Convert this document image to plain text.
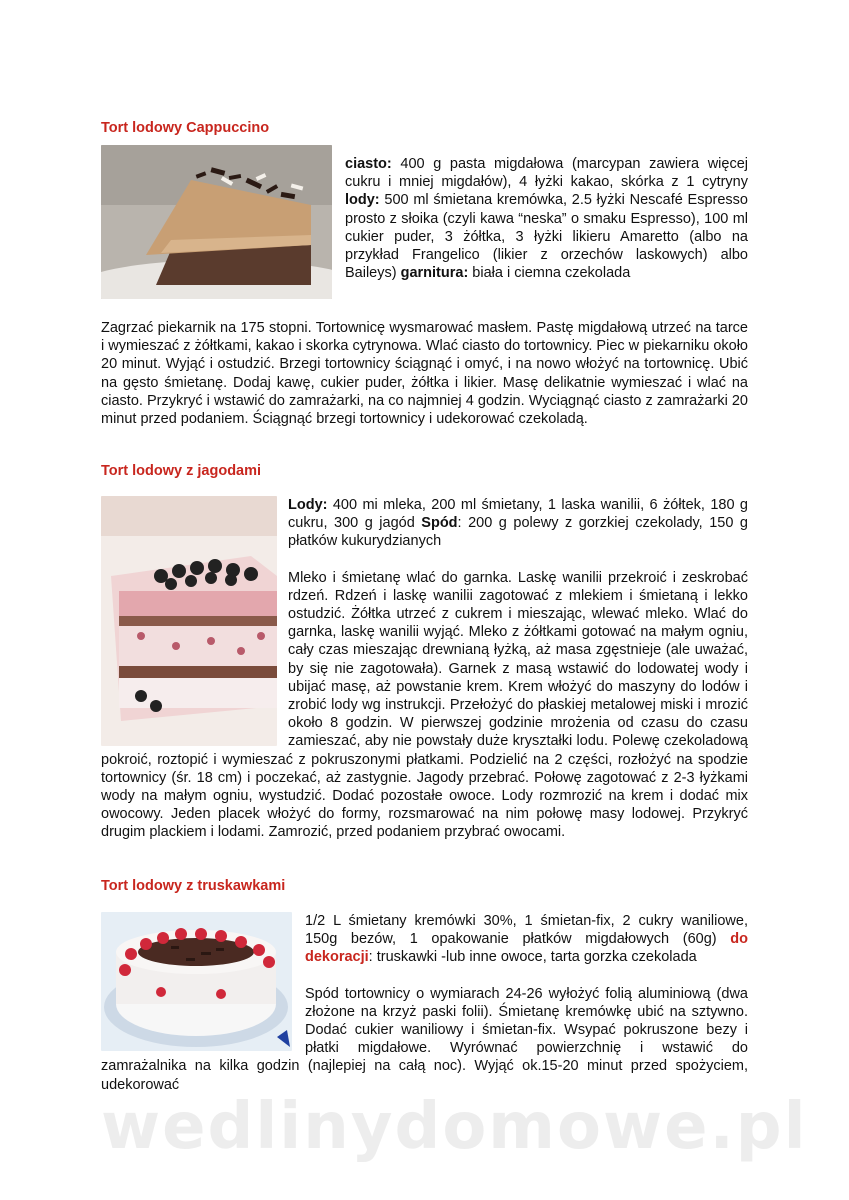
Tort lodowy Cappuccino

ciasto: 400 g pasta migdałowa (marcypan zawiera więcej cukru i mniej migdałów), 4 łyżki kakao, skórka z 1 cytryny lody: 500 ml śmietana kremówka, 2.5 łyżki Nescafé Espresso prosto z słoika (czyli kawa “neska” o smaku Espresso), 100 ml cukier puder, 3 żółtka, 3 łyżki likieru Amaretto (albo na przykład Frangelico (likier z orzechów laskowych) albo Baileys) garnitura: biała i ciemna czekolada

Zagrzać piekarnik na 175 stopni. Tortownicę wysmarować masłem. Pastę migdałową utrzeć na tarce i wymieszać z żółtkami, kakao i skorka cytrynowa. Wlać ciasto do tortownicy. Piec w piekarniku około 20 minut. Wyjąć i ostudzić. Brzegi tortownicy ściągnąć i omyć, i na nowo włożyć na tortownicę. Ubić na gęsto śmietanę. Dodaj kawę, cukier puder, żółtka i likier. Masę delikatnie wymieszać i wlać na ciasto. Przykryć i wstawić do zamrażarki, na co najmniej 4 godzin. Wyciągnąć ciasto z zamrażarki 20 minut przed podaniem. Ściągnąć brzegi tortownicy i udekorować czekoladą.

Tort lodowy z jagodami

Lody: 400 mi mleka, 200 ml śmietany, 1 laska wanilii, 6 żółtek, 180 g cukru, 300 g jagód Spód: 200 g polewy z gorzkiej czekolady, 150 g płatków kukurydzianych

Mleko i śmietanę wlać do garnka. Laskę wanilii przekroić i zeskrobać rdzeń. Rdzeń i laskę wanilii zagotować z mlekiem i śmietaną i lekko ostudzić. Żółtka utrzeć z cukrem i mieszając, wlewać mleko. Wlać do garnka, laskę wanilii wyjąć. Mleko z żółtkami gotować na małym ogniu, cały czas mieszając drewnianą łyżką, aż masa zgęstnieje (ale uważać, by się nie zagotowała). Garnek z masą wstawić do lodowatej wody i ubijać masę, aż powstanie krem. Krem włożyć do maszyny do lodów i zrobić lody wg instrukcji. Przełożyć do płaskiej metalowej miski i mrozić około 8 godzin. W pierwszej godzinie mrożenia od czasu do czasu zamieszać, aby nie powstały duże kryształki lodu. Polewę czekoladową pokroić, roztopić i wymieszać z pokruszonymi płatkami. Podzielić na 2 części, rozłożyć na spodzie tortownicy (śr. 18 cm) i poczekać, aż zastygnie. Jagody przebrać. Połowę zagotować z 2-3 łyżkami wody na małym ogniu, wystudzić. Dodać pozostałe owoce. Lody rozmrozić na krem i dodać mix owocowy. Jeden placek włożyć do formy, rozsmarować na nim połowę masy lodowej. Przykryć drugim plackiem i lodami. Zamrozić, przed podaniem przybrać owocami.

Tort lodowy z truskawkami

1/2 L śmietany kremówki 30%, 1 śmietan-fix, 2 cukry waniliowe, 150g bezów, 1 opakowanie płatków migdałowych (60g) do dekoracji: truskawki -lub inne owoce, tarta gorzka czekolada

Spód tortownicy o wymiarach 24-26 wyłożyć folią aluminiową (dwa złożone na krzyż paski folii). Śmietanę kremówkę ubić na sztywno. Dodać cukier waniliowy i śmietan-fix. Wsypać pokruszone bezy i płatki migdałowe. Wyrównać powierzchnię i wstawić do zamrażalnika na kilka godzin (najlepiej na całą noc). Wyjąć ok.15-20 minut przed spożyciem, udekorować

wedlinydomowe.pl
